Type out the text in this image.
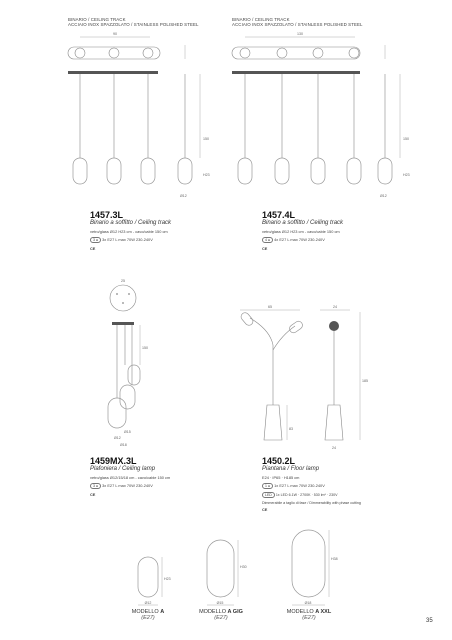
BINARIO / CEILING TRACK
ACCIAIO INOX SPAZZOLATO / STAINLESS POLISHED STEEL
90
150
H23
Ø12
130
150
H23
Ø12
25
150
Ø12
Ø15
Ø18
65
83
24
185
24
H23
Ø12
H30
Ø15
H38
Ø18
BINARIO / CEILING TRACK
ACCIAIO INOX SPAZZOLATO / STAINLESS POLISHED STEEL
1457.3L
Binario a soffitto / Ceiling track
vetro/glass Ø12 H23 cm - cavo/cable 150 cm
3 ● 3x E27 L max 70W 230-240V
CE
1457.4L
Binario a soffitto / Ceiling track
vetro/glass Ø12 H23 cm - cavo/cable 150 cm
4 ● 4x E27 L max 70W 230-240V
CE
1459MX.3L
Plafoniera / Ceiling lamp
vetro/glass Ø12/15/18 cm - cavo/cable 150 cm
3 ● 3x E27 L max 70W 230-240V
CE
1450.2L
Piantana / Floor lamp
E24 · IP65 · H185 cm
1 ● 1x E27 L max 70W 230-240V
LED 1x LED 6.1W · 2700K · 530 lm* · 230V
Dimmerabile a taglio di fase / Dimmerability with phase cutting
CE
MODELLO A
(E27)
MODELLO A GIG
(E27)
MODELLO A XXL
(E27)	35
